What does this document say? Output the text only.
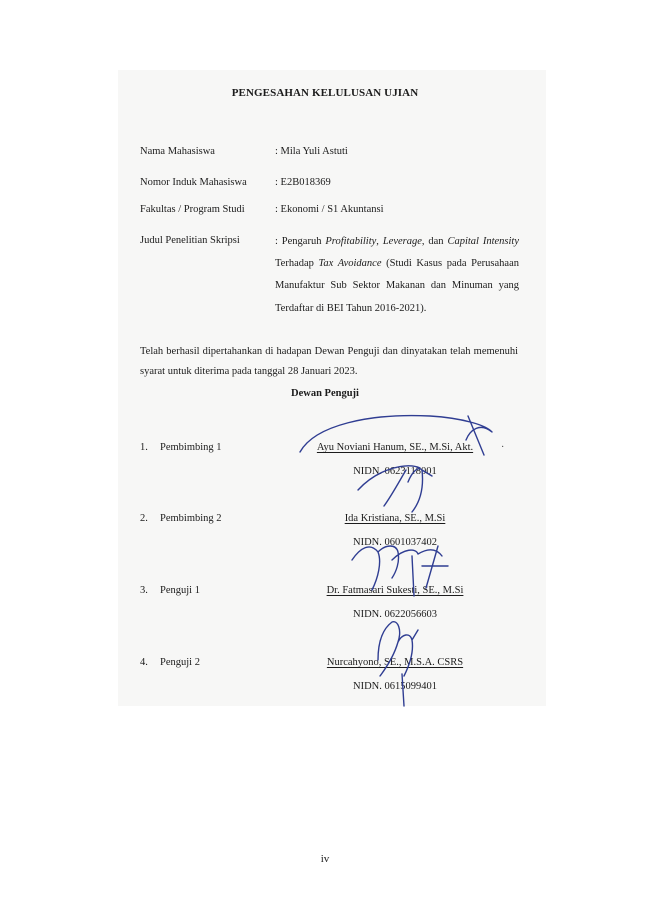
PENGESAHAN KELULUSAN UJIAN
Nama Mahasiswa	: Mila Yuli Astuti
Nomor Induk Mahasiswa	: E2B018369
Fakultas / Program Studi	: Ekonomi / S1 Akuntansi
Judul Penelitian Skripsi	: Pengaruh Profitability, Leverage, dan Capital Intensity Terhadap Tax Avoidance (Studi Kasus pada Perusahaan Manufaktur Sub Sektor Makanan dan Minuman yang Terdaftar di BEI Tahun 2016-2021).
Telah berhasil dipertahankan di hadapan Dewan Penguji dan dinyatakan telah memenuhi syarat untuk diterima pada tanggal 28 Januari 2023.
Dewan Penguji
1. Pembimbing 1	Ayu Noviani Hanum, SE., M.Si, Akt.
NIDN. 0623118001
·
2. Pembimbing 2	Ida Kristiana, SE., M.Si
NIDN. 0601037402
3. Penguji 1	Dr. Fatmasari Sukesti, SE., M.Si
NIDN. 0622056603
4. Penguji 2	Nurcahyono, SE., M.S.A. CSRS
NIDN. 0615099401
iv
